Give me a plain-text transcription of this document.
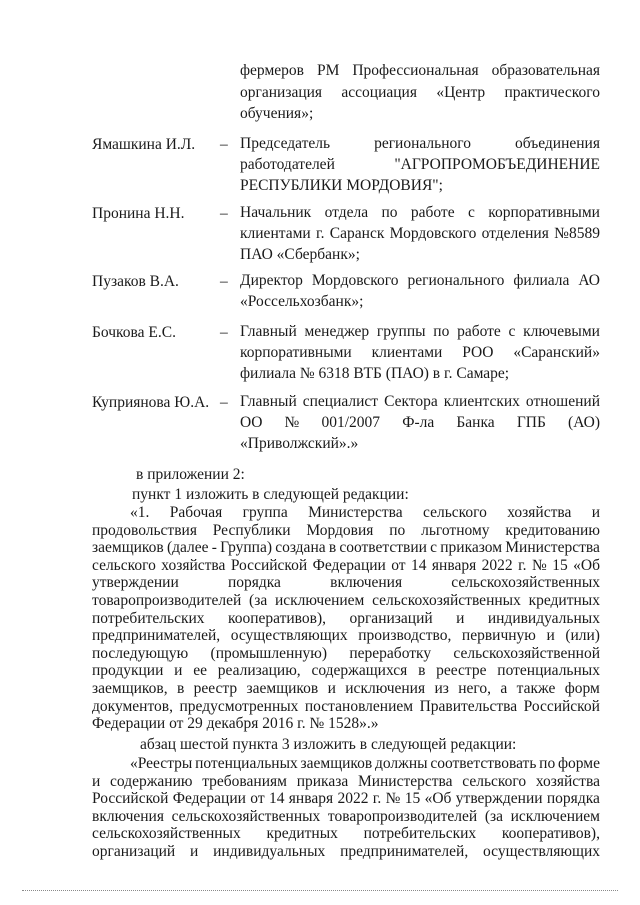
фермеров РМ Профессиональная образовательная
организация ассоциация «Центр практического
обучения»;
Ямашкина И.Л. – Председатель	регионального	объединения
работодателей	"АГРОПРОМОБЪЕДИНЕНИЕ
РЕСПУБЛИКИ МОРДОВИЯ";
Пронина Н.Н. – Начальник отдела по работе с корпоративными
клиентами г. Саранск Мордовского отделения №8589
ПАО «Сбербанк»;
Пузаков В.А.	– Директор Мордовского регионального филиала АО
«Россельхозбанк»;
Бочкова Е.С.	– Главный менеджер группы по работе с ключевыми
корпоративными клиентами РОО «Саранский»
филиала № 6318 ВТБ (ПАО) в г. Самаре;
Куприянова Ю.А. – Главный специалист Сектора клиентских отношений
ОО № 001/2007 Ф-ла Банка ГПБ (АО)
«Приволжский».»

в приложении 2:

пункт 1 изложить в следующей редакции:

«1. Рабочая группа Министерства сельского хозяйства и
продовольствия Республики Мордовия по льготному кредитованию
заемщиков (далее - Группа) создана в соответствии с приказом Министерства
сельского хозяйства Российской Федерации от 14 января 2022 г. № 15 «Об
утверждении	порядка	включения	сельскохозяйственных
товаропроизводителей (за исключением сельскохозяйственных кредитных
потребительских кооперативов), организаций и индивидуальных
предпринимателей, осуществляющих производство, первичную и (или)
последующую (промышленную) переработку сельскохозяйственной
продукции и ее реализацию, содержащихся в реестре потенциальных
заемщиков, в реестр заемщиков и исключения из него, а также форм
документов, предусмотренных постановлением Правительства Российской
Федерации от 29 декабря 2016 г. № 1528».»

абзац шестой пункта 3 изложить в следующей редакции:

«Реестры потенциальных заемщиков должны соответствовать по форме
и содержанию требованиям приказа Министерства сельского хозяйства
Российской Федерации от 14 января 2022 г. № 15 «Об утверждении порядка
включения сельскохозяйственных товаропроизводителей (за исключением
сельскохозяйственных кредитных потребительских кооперативов),
организаций и индивидуальных предпринимателей, осуществляющих
